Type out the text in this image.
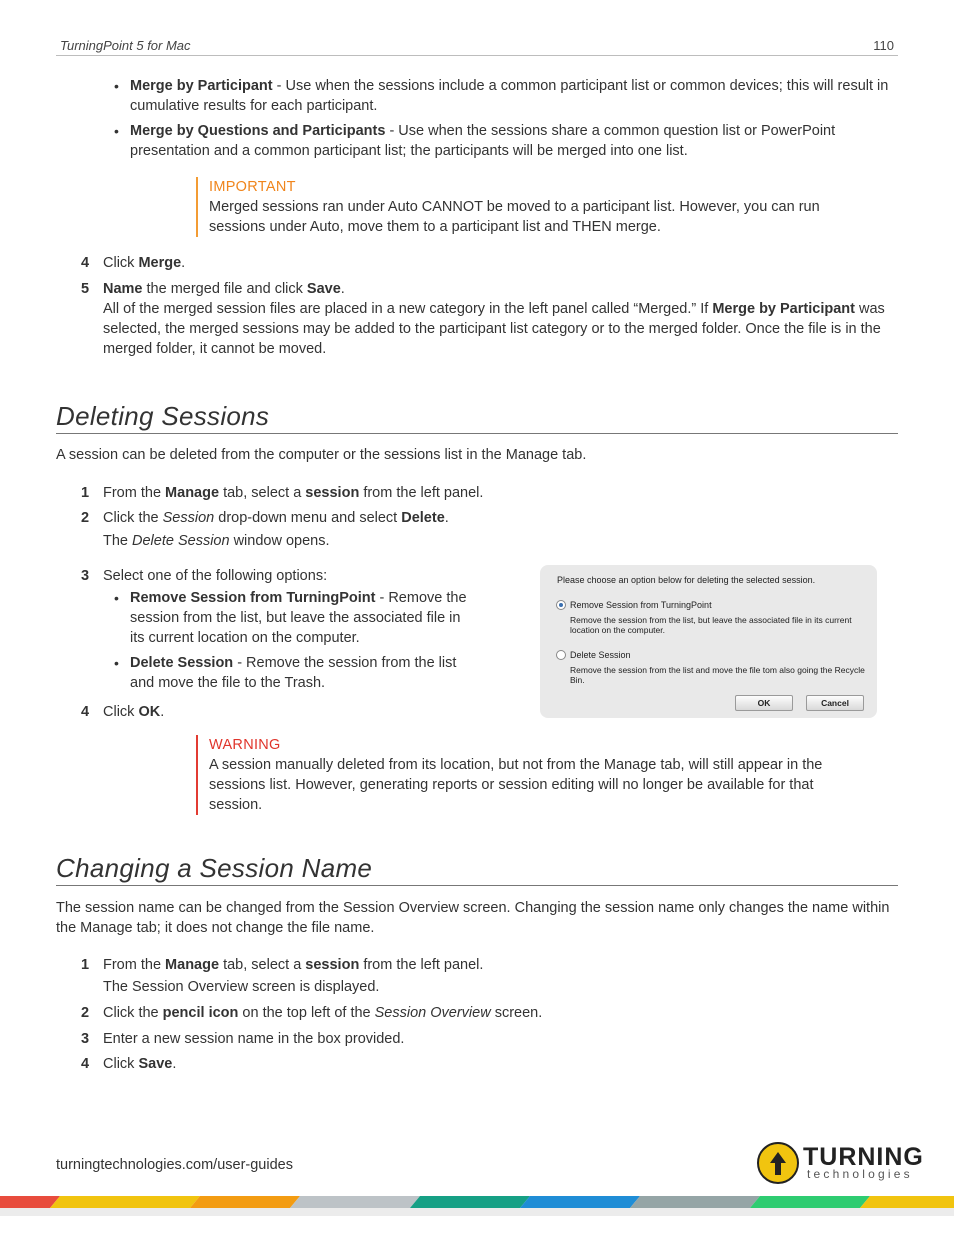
TurningPoint 5 for Mac	110
• Merge by Participant - Use when the sessions include a common participant list or common devices; this will result in cumulative results for each participant.
• Merge by Questions and Participants - Use when the sessions share a common question list or PowerPoint presentation and a common participant list; the participants will be merged into one list.
IMPORTANT
Merged sessions ran under Auto CANNOT be moved to a participant list. However, you can run sessions under Auto, move them to a participant list and THEN merge.
4 Click Merge.
5 Name the merged file and click Save.
All of the merged session files are placed in a new category in the left panel called “Merged.” If Merge by Participant was selected, the merged sessions may be added to the participant list category or to the merged folder. Once the file is in the merged folder, it cannot be moved.
Deleting Sessions
A session can be deleted from the computer or the sessions list in the Manage tab.
1 From the Manage tab, select a session from the left panel.
2 Click the Session drop-down menu and select Delete.
The Delete Session window opens.
3 Select one of the following options:
• Remove Session from TurningPoint - Remove the session from the list, but leave the associated file in its current location on the computer.
• Delete Session - Remove the session from the list and move the file to the Trash.
4 Click OK.
Please choose an option below for deleting the selected session.
Remove Session from TurningPoint
Remove the session from the list, but leave the associated file in its current location on the computer.
Delete Session
Remove the session from the list and move the file tom also going the Recycle Bin.
OK	Cancel
WARNING
A session manually deleted from its location, but not from the Manage tab, will still appear in the sessions list. However, generating reports or session editing will no longer be available for that session.
Changing a Session Name
The session name can be changed from the Session Overview screen. Changing the session name only changes the name within the Manage tab; it does not change the file name.
1 From the Manage tab, select a session from the left panel.
The Session Overview screen is displayed.
2 Click the pencil icon on the top left of the Session Overview screen.
3 Enter a new session name in the box provided.
4 Click Save.
turningtechnologies.com/user-guides	TURNING
technologies
